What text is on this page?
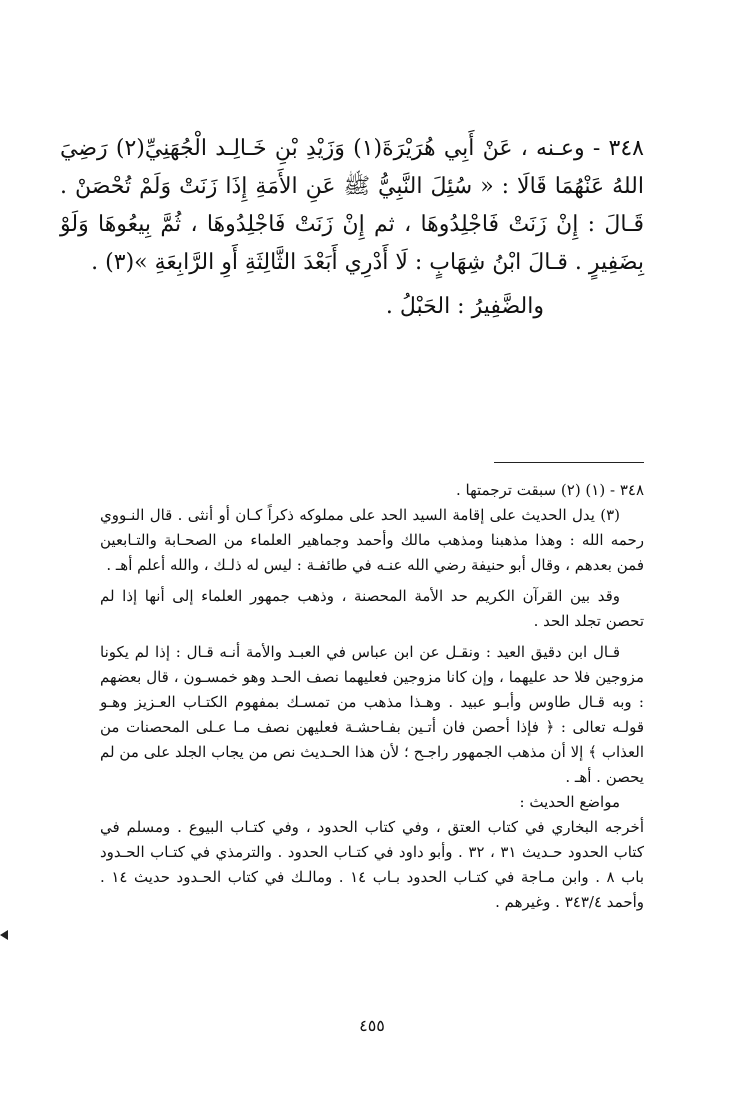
٣٤٨ - وعـنه ، عَنْ أَبِي هُرَيْرَةَ(١) وَزَيْدِ بْنِ خَـالِـد الْجُهَنِيِّ(٢) رَضِيَ اللهُ عَنْهُمَا قَالَا : « سُئِلَ النَّبِيُّ ﷺ عَنِ الأَمَةِ إِذَا زَنَتْ وَلَمْ تُحْصَنْ . قَـالَ : إِنْ زَنَتْ فَاجْلِدُوهَا ، ثم إِنْ زَنَتْ فَاجْلِدُوهَا ، ثُمَّ بِيعُوهَا وَلَوْ بِضَفِيرٍ . قـالَ ابْنُ شِهَابٍ : لَا أَدْرِي أَبَعْدَ الثَّالِثَةِ أَوِ الرَّابِعَةِ »(٣) .

والضَّفِيرُ : الحَبْلُ .

٣٤٨ - (١) (٢) سبقت ترجمتها .

(٣) يدل الحديث على إقامة السيد الحد على مملوكه ذكراً كـان أو أنثى . قال النـووي رحمه الله : وهذا مذهبنا ومذهب مالك وأحمد وجماهير العلماء من الصحـابة والتـابعين فمن بعدهم ، وقال أبو حنيفة رضي الله عنـه في طائفـة : ليس له ذلـك ، والله أعلم أهـ .

وقد بين القرآن الكريم حد الأمة المحصنة ، وذهب جمهور العلماء إلى أنها إذا لم تحصن تجلد الحد .

قـال ابن دقيق العيد : ونقـل عن ابن عباس في العبـد والأمة أنـه قـال : إذا لم يكونا مزوجين فلا حد عليهما ، وإن كانا مزوجين فعليهما نصف الحـد وهو خمسـون ، قال بعضهم : وبه قـال طاوس وأبـو عبيد . وهـذا مذهب من تمسـك بمفهوم الكتـاب العـزيز وهـو قولـه تعالى : ﴿ فإذا أحصن فان أتـين بفـاحشـة فعليهن نصف مـا عـلى المحصنات من العذاب ﴾ إلا أن مذهب الجمهور راجـح ؛ لأن هذا الحـديث نص من يجاب الجلد على من لم يحصن . أهـ .

مواضع الحديث :

أخرجه البخاري في كتاب العتق ، وفي كتاب الحدود ، وفي كتـاب البيوع . ومسلم في كتاب الحدود حـديث ٣١ ، ٣٢ . وأبو داود في كتـاب الحدود . والترمذي في كتـاب الحـدود باب ٨ . وابن مـاجة في كتـاب الحدود بـاب ١٤ . ومالـك في كتاب الحـدود حديث ١٤ . وأحمد ٣٤٣/٤ . وغيرهم .

٤٥٥
